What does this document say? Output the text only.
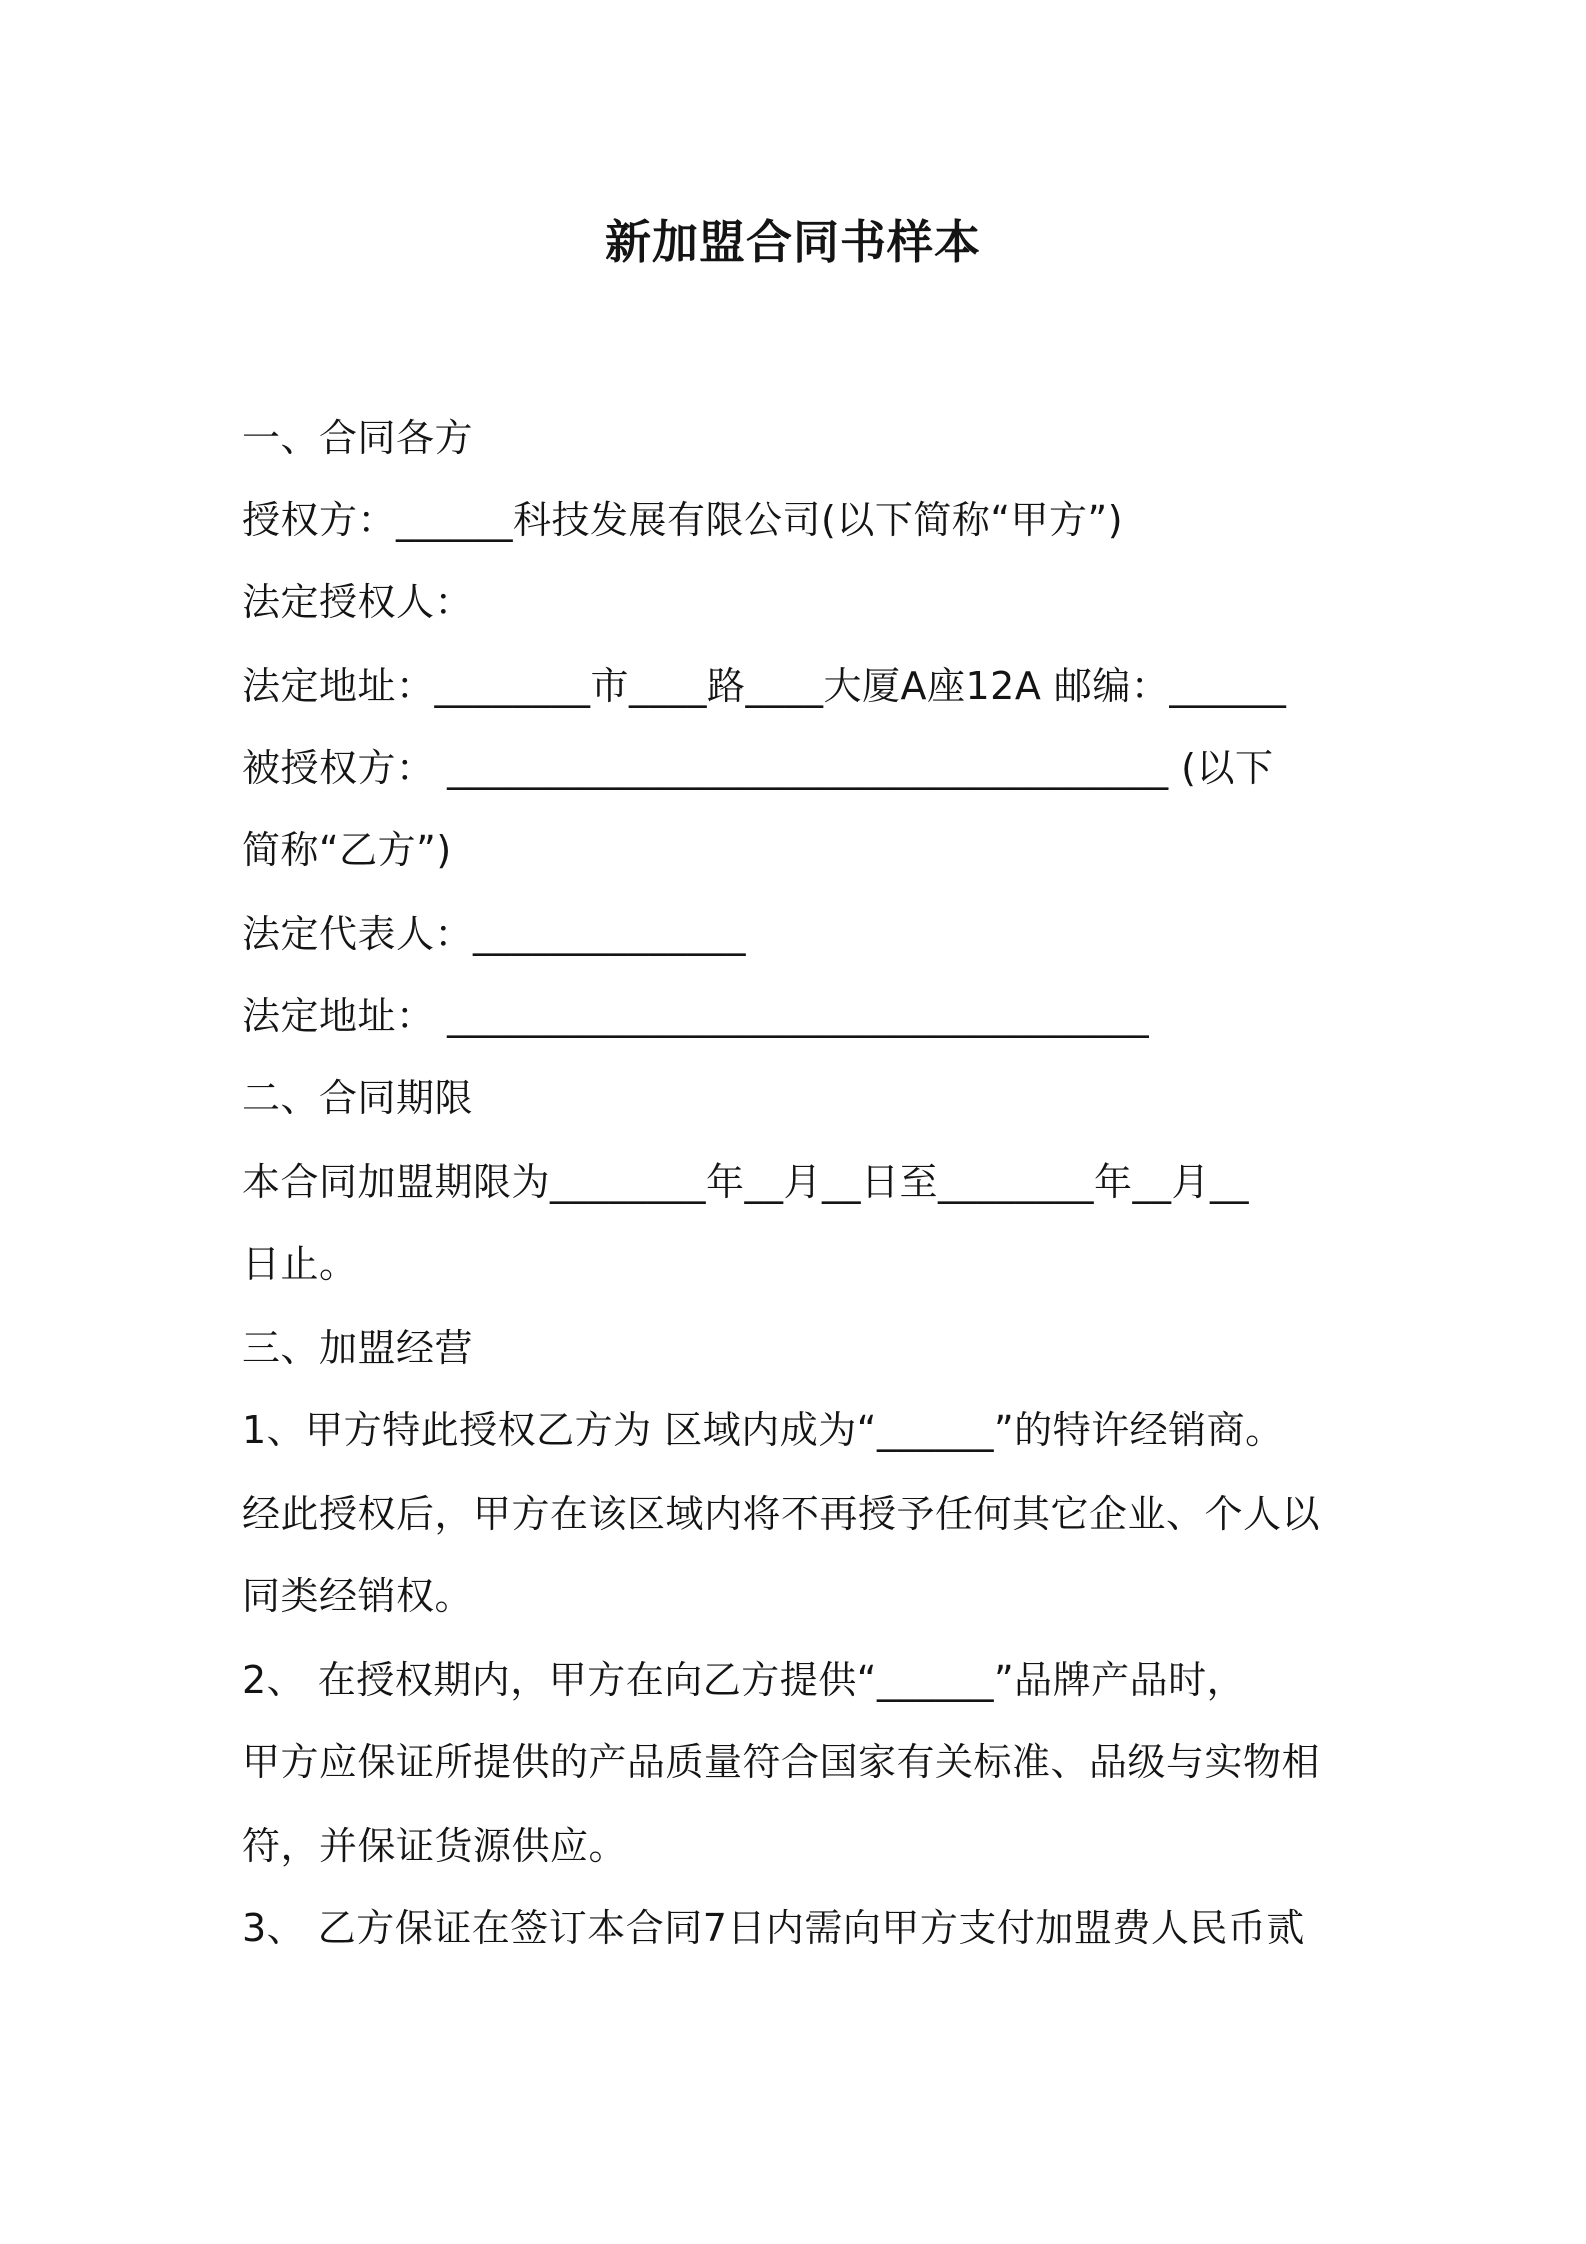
新加盟合同书样本
一、合同各方
授权方：______科技发展有限公司(以下简称“甲方”)
法定授权人：
法定地址：________市____路____大厦A座12A 邮编：______
被授权方： _____________________________________ (以下
简称“乙方”)
法定代表人：______________
法定地址： ____________________________________
二、合同期限
本合同加盟期限为________年__月__日至________年__月__
日止。
三、加盟经营
1、甲方特此授权乙方为 区域内成为“______”的特许经销商。
经此授权后，甲方在该区域内将不再授予任何其它企业、个人以
同类经销权。
2、 在授权期内，甲方在向乙方提供“______”品牌产品时，
甲方应保证所提供的产品质量符合国家有关标准、品级与实物相
符，并保证货源供应。
3、 乙方保证在签订本合同7日内需向甲方支付加盟费人民币贰
